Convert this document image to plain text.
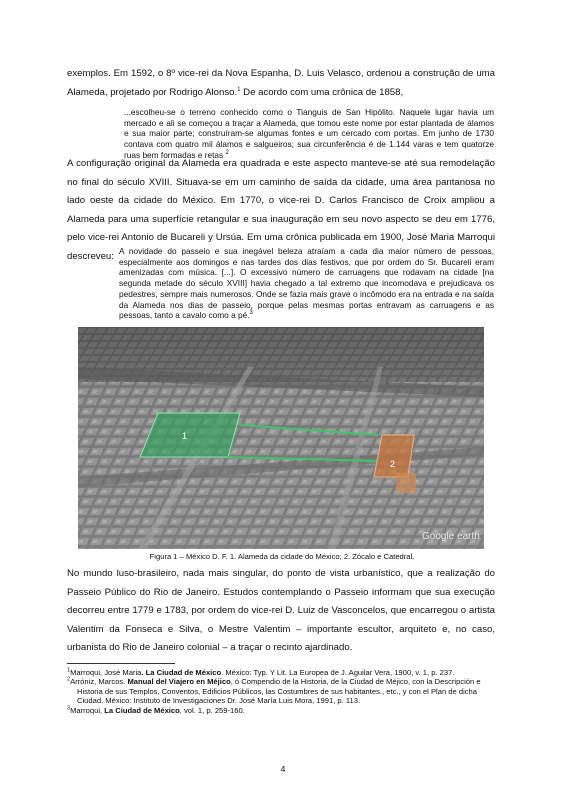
exemplos. Em 1592, o 8º vice-rei da Nova Espanha, D. Luis Velasco, ordenou a construção de uma Alameda, projetado por Rodrigo Alonso.$^1$ De acordo com uma crônica de 1858,

...escolheu-se o terreno conhecido como o Tianguis de San Hipólito. Naquele lugar havia um mercado e ali se começou a traçar a Alameda, que tomou este nome por estar plantada de álamos e sua maior parte; construíram-se algumas fontes e um cercado com portas. Em junho de 1730 contava com quatro mil álamos e salgueiros; sua circunferência é de 1.144 varas e tem quatorze ruas bem formadas e retas $^2$

A configuração original da Alameda era quadrada e este aspecto manteve-se até sua remodelação no final do século XVIII. Situava-se em um caminho de saída da cidade, uma área pantanosa no lado oeste da cidade do México. Em 1770, o vice-rei D. Carlos Francisco de Croix ampliou a Alameda para uma superfície retangular e sua inauguração em seu novo aspecto se deu em 1776, pelo vice-rei Antonio de Bucareli y Ursúa. Em uma crônica publicada em 1900, José Maria Marroqui descreveu: A novidade do passeio e sua inegável beleza atraíam a cada dia maior número de pessoas, especialmente aos domingos e nas tardes dos dias festivos, que por ordem do Sr. Bucareli eram amenizadas com música. [...]. O excessivo número de carruagens que rodavam na cidade [na segunda metade do século XVIII] havia chegado a tal extremo que incomodava e prejudicava os pedestres, sempre mais numerosos. Onde se fazia mais grave o incômodo era na entrada e na saída da Alameda nos dias de passeio, porque pelas mesmas portas entravam as carruagens e as pessoas, tanto a cavalo como a pé.$^3$

1
2
Google earth

Figura 1 – México D. F. 1. Alameda da cidade do México; 2. Zócalo e Catedral.

No mundo luso-brasileiro, nada mais singular, do ponto de vista urbanístico, que a realização do Passeio Público do Rio de Janeiro. Estudos contemplando o Passeio informam que sua execução decorreu entre 1779 e 1783, por ordem do vice-rei D. Luiz de Vasconcelos, que encarregou o artista Valentim da Fonseca e Silva, o Mestre Valentim – importante escultor, arquiteto e, no caso, urbanista do Rio de Janeiro colonial – a traçar o recinto ajardinado.

$^1$Marroqui, José Maria. La Ciudad de México. México: Typ. Y Lit. La Europea de J. Aguilar Vera, 1900, v. 1, p. 237.

$^2$Arróniz, Marcos. Manual del Viajero en Méjico, ó Compendio de la Historia, de la Ciudad de Méjico, con la Descripción e Historia de sus Templos, Conventos, Edificios Públicos, las Costumbres de sus habitantes., etc., y con el Plan de dicha Ciudad. México: Instituto de Investigaciones Dr. José María Luis Mora, 1991, p. 113.

$^3$Marroqui, La Ciudad de México, vol. 1, p. 259-160.

4
